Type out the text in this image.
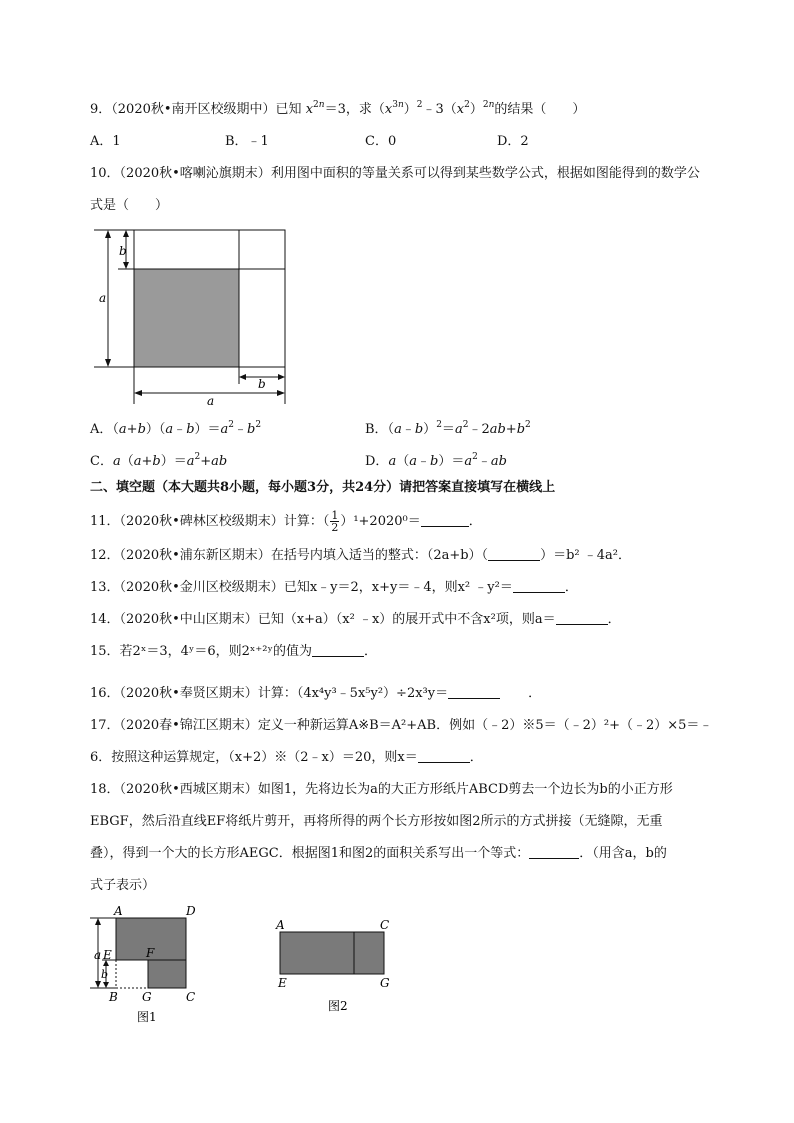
9．（2020秋•南开区校级期中）已知 $x^{2n}=3$，求$(x^{3n})^2﹣3(x^2)^{2n}$的结果（　　）
A．1	B．﹣1	C．0	D．2
10．（2020秋•喀喇沁旗期末）利用图中面积的等量关系可以得到某些数学公式，根据如图能得到的数学公
式是（　　）
b
a
b
a
A．$(a+b)(a﹣b)=a^2﹣b^2$	B．$(a﹣b)^2=a^2﹣2ab+b^2$
C．$a(a+b)=a^2+ab$	D．$a(a﹣b)=a^2﹣ab$
二、填空题（本大题共8小题，每小题3分，共24分）请把答案直接填写在横线上
11．（2020秋•碑林区校级期末）计算：（ $\frac{1}{2} )^1+2020^0=$	．
12．（2020秋•浦东新区期末）在括号内填入适当的整式：（2a+b）（	）＝b² ﹣4a²．
13．（2020秋•金川区校级期末）已知x﹣y＝2，x+y＝﹣4，则x² ﹣y²＝	．
14．（2020秋•中山区期末）已知（x+a）（x² ﹣x）的展开式中不含x²项，则a＝	．
15．若2ˣ＝3，4ʸ＝6，则2ˣ⁺²ʸ的值为	．
16．（2020秋•奉贤区期末）计算：（4x⁴y³﹣5x⁵y²）÷2x³y＝	．
17．（2020春•锦江区期末）定义一种新运算A※B＝A²+AB．例如（﹣2）※5＝（﹣2）²+（﹣2）×5＝﹣
6．按照这种运算规定，（x+2）※（2﹣x）＝20，则x＝	．
18．（2020秋•西城区期末）如图1，先将边长为a的大正方形纸片ABCD剪去一个边长为b的小正方形
EBGF，然后沿直线EF将纸片剪开，再将所得的两个长方形按如图2所示的方式拼接（无缝隙，无重
叠），得到一个大的长方形AEGC．根据图1和图2的面积关系写出一个等式：	．（用含a，b的
式子表示）
A	D
E	F
B G	C
a
b
图1
A	C
E	G
图2
